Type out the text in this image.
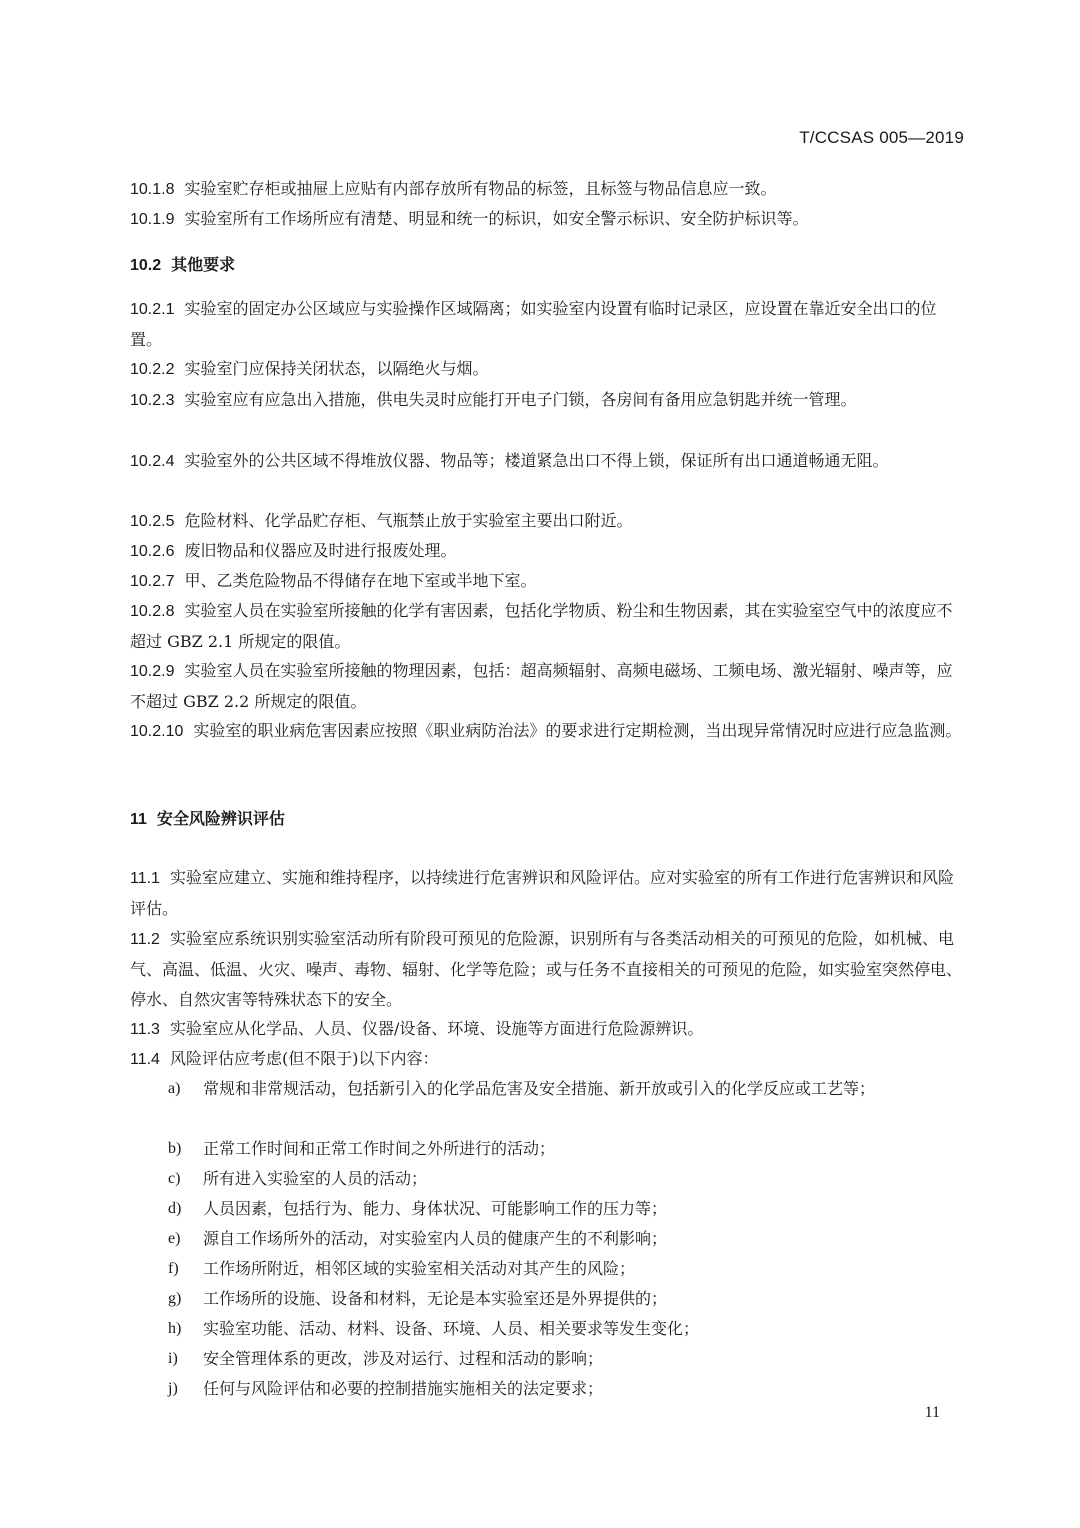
T/CCSAS 005—2019
10.1.8 实验室贮存柜或抽屉上应贴有内部存放所有物品的标签，且标签与物品信息应一致。
10.1.9 实验室所有工作场所应有清楚、明显和统一的标识，如安全警示标识、安全防护标识等。
10.2 其他要求
10.2.1 实验室的固定办公区域应与实验操作区域隔离；如实验室内设置有临时记录区，应设置在靠近安全出口的位置。
10.2.2 实验室门应保持关闭状态，以隔绝火与烟。
10.2.3 实验室应有应急出入措施，供电失灵时应能打开电子门锁，各房间有备用应急钥匙并统一管理。
10.2.4 实验室外的公共区域不得堆放仪器、物品等；楼道紧急出口不得上锁，保证所有出口通道畅通无阻。
10.2.5 危险材料、化学品贮存柜、气瓶禁止放于实验室主要出口附近。
10.2.6 废旧物品和仪器应及时进行报废处理。
10.2.7 甲、乙类危险物品不得储存在地下室或半地下室。
10.2.8 实验室人员在实验室所接触的化学有害因素，包括化学物质、粉尘和生物因素，其在实验室空气中的浓度应不超过 GBZ 2.1 所规定的限值。
10.2.9 实验室人员在实验室所接触的物理因素，包括：超高频辐射、高频电磁场、工频电场、激光辐射、噪声等，应不超过 GBZ 2.2 所规定的限值。
10.2.10 实验室的职业病危害因素应按照《职业病防治法》的要求进行定期检测，当出现异常情况时应进行应急监测。
11 安全风险辨识评估
11.1 实验室应建立、实施和维持程序，以持续进行危害辨识和风险评估。应对实验室的所有工作进行危害辨识和风险评估。
11.2 实验室应系统识别实验室活动所有阶段可预见的危险源，识别所有与各类活动相关的可预见的危险，如机械、电气、高温、低温、火灾、噪声、毒物、辐射、化学等危险；或与任务不直接相关的可预见的危险，如实验室突然停电、停水、自然灾害等特殊状态下的安全。
11.3 实验室应从化学品、人员、仪器/设备、环境、设施等方面进行危险源辨识。
11.4 风险评估应考虑(但不限于)以下内容：
a)	常规和非常规活动，包括新引入的化学品危害及安全措施、新开放或引入的化学反应或工艺等；
b)	正常工作时间和正常工作时间之外所进行的活动；
c)	所有进入实验室的人员的活动；
d)	人员因素，包括行为、能力、身体状况、可能影响工作的压力等；
e)	源自工作场所外的活动，对实验室内人员的健康产生的不利影响；
f)	工作场所附近，相邻区域的实验室相关活动对其产生的风险；
g)	工作场所的设施、设备和材料，无论是本实验室还是外界提供的；
h)	实验室功能、活动、材料、设备、环境、人员、相关要求等发生变化；
i)	安全管理体系的更改，涉及对运行、过程和活动的影响；
j)	任何与风险评估和必要的控制措施实施相关的法定要求；
11
